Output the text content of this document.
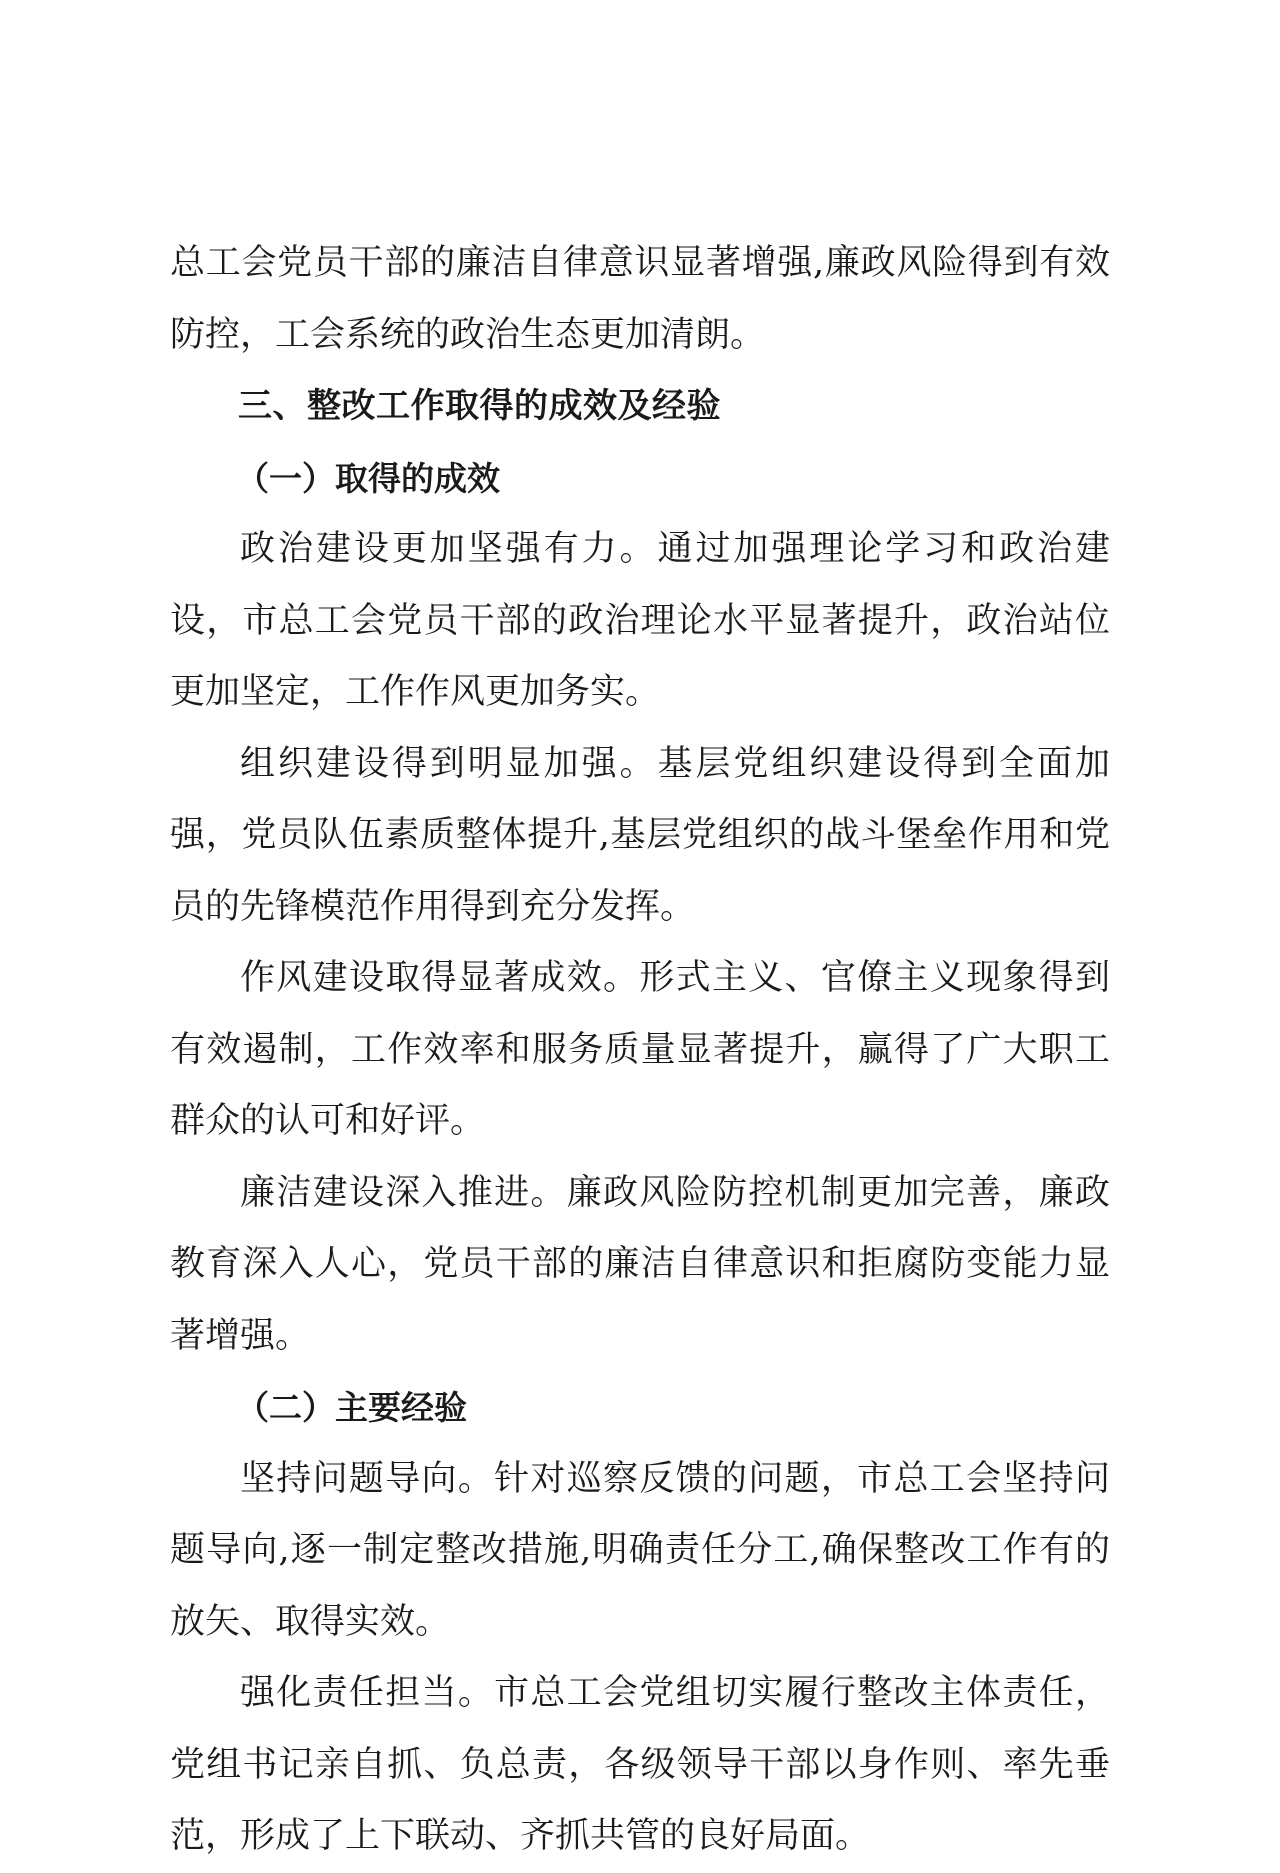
总工会党员干部的廉洁自律意识显著增强,廉政风险得到有效防控，工会系统的政治生态更加清朗。

三、整改工作取得的成效及经验

（一）取得的成效

政治建设更加坚强有力。通过加强理论学习和政治建设，市总工会党员干部的政治理论水平显著提升，政治站位更加坚定，工作作风更加务实。

组织建设得到明显加强。基层党组织建设得到全面加强，党员队伍素质整体提升,基层党组织的战斗堡垒作用和党员的先锋模范作用得到充分发挥。

作风建设取得显著成效。形式主义、官僚主义现象得到有效遏制，工作效率和服务质量显著提升，赢得了广大职工群众的认可和好评。

廉洁建设深入推进。廉政风险防控机制更加完善，廉政教育深入人心，党员干部的廉洁自律意识和拒腐防变能力显著增强。

（二）主要经验

坚持问题导向。针对巡察反馈的问题，市总工会坚持问题导向,逐一制定整改措施,明确责任分工,确保整改工作有的放矢、取得实效。

强化责任担当。市总工会党组切实履行整改主体责任，党组书记亲自抓、负总责，各级领导干部以身作则、率先垂范，形成了上下联动、齐抓共管的良好局面。
